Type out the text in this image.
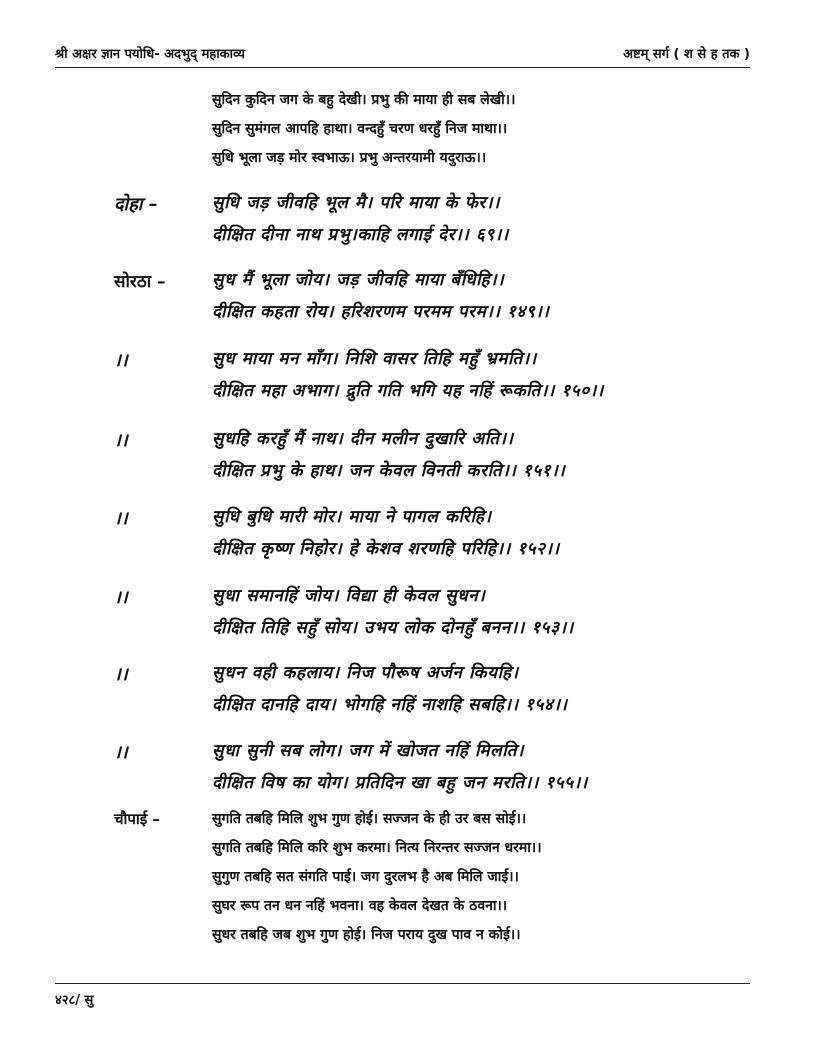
श्री अक्षर ज्ञान पयोधि- अदभुद् महाकाव्य	अष्टम् सर्ग ( श से ह तक )
सुदिन कुदिन जग के बहु देखी। प्रभु की माया ही सब लेखी।।
सुदिन सुमंगल आपहि हाथा। वन्दहुँ चरण धरहुँ निज माथा।।
सुधि भूला जड़ मोर स्वभाऊ। प्रभु अन्तरयामी यदुराऊ।।
दोहा –	सुधि जड़ जीवहि भूल मै। परि माया के फेर।।
दीक्षित दीना नाथ प्रभु।काहि लगाई देर।। ६९।।
सोरठा –	सुध मैं भूला जोय। जड़ जीवहि माया बँधिहि।।
दीक्षित कहता रोय। हरिशरणम परमम परम।। १४९।।
।।	सुध माया मन माँग। निशि वासर तिहि महुँ भ्रमति।।
दीक्षित महा अभाग। द्रुति गति भगि यह नहिं रूकति।। १५०।।
।।	सुधहि करहुँ मैं नाथ। दीन मलीन दुखारि अति।।
दीक्षित प्रभु के हाथ। जन केवल विनती करति।। १५१।।
।।	सुधि बुधि मारी मोर। माया ने पागल करिहि।
दीक्षित कृष्ण निहोर। हे केशव शरणहि परिहि।। १५२।।
।।	सुधा समानहिं जोय। विद्या ही केवल सुधन।
दीक्षित तिहि सहुँ सोय। उभय लोक दोनहुँ बनन।। १५३।।
।।	सुधन वही कहलाय। निज पौरूष अर्जन कियहि।
दीक्षित दानहि दाय। भोगहि नहिं नाशहि सबहि।। १५४।।
।।	सुधा सुनी सब लोग। जग में खोजत नहिं मिलति।
दीक्षित विष का योग। प्रतिदिन खा बहु जन मरति।। १५५।।
चौपाई –	सुगति तबहि मिलि शुभ गुण होई। सज्जन के ही उर बस सोई।।
सुगति तबहि मिलि करि शुभ करमा। नित्य निरन्तर सज्जन धरमा।।
सुगुण तबहि सत संगति पाई। जग दुरलभ है अब मिलि जाई।।
सुघर रूप तन धन नहिं भवना। वह केवल देखत के ठवना।।
सुधर तबहि जब शुभ गुण होई। निज पराय दुख पाव न कोई।।
४२८/ सु
